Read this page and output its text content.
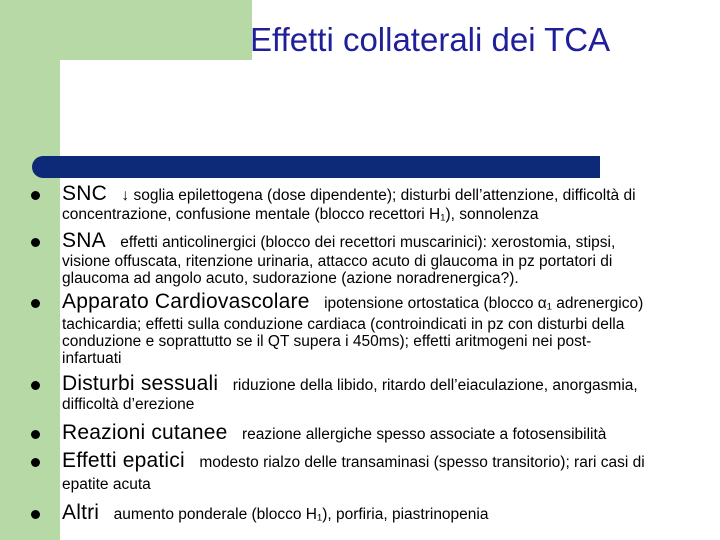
Effetti collaterali dei TCA
SNC ↓ soglia epilettogena (dose dipendente); disturbi dell’attenzione, difficoltà di
concentrazione, confusione mentale (blocco recettori H₁), sonnolenza
SNA effetti anticolinergici (blocco dei recettori muscarinici): xerostomia, stipsi,
visione offuscata, ritenzione urinaria, attacco acuto di glaucoma in pz portatori di
glaucoma ad angolo acuto, sudorazione (azione noradrenergica?).
Apparato Cardiovascolare ipotensione ortostatica (blocco α₁ adrenergico)
tachicardia; effetti sulla conduzione cardiaca (controindicati in pz con disturbi della
conduzione e soprattutto se il QT supera i 450ms); effetti aritmogeni nei post-
infartuati
Disturbi sessuali riduzione della libido, ritardo dell’eiaculazione, anorgasmia,
difficoltà d’erezione
Reazioni cutanee reazione allergiche spesso associate a fotosensibilità
Effetti epatici modesto rialzo delle transaminasi (spesso transitorio); rari casi di
epatite acuta
Altri aumento ponderale (blocco H₁), porfiria, piastrinopenia
